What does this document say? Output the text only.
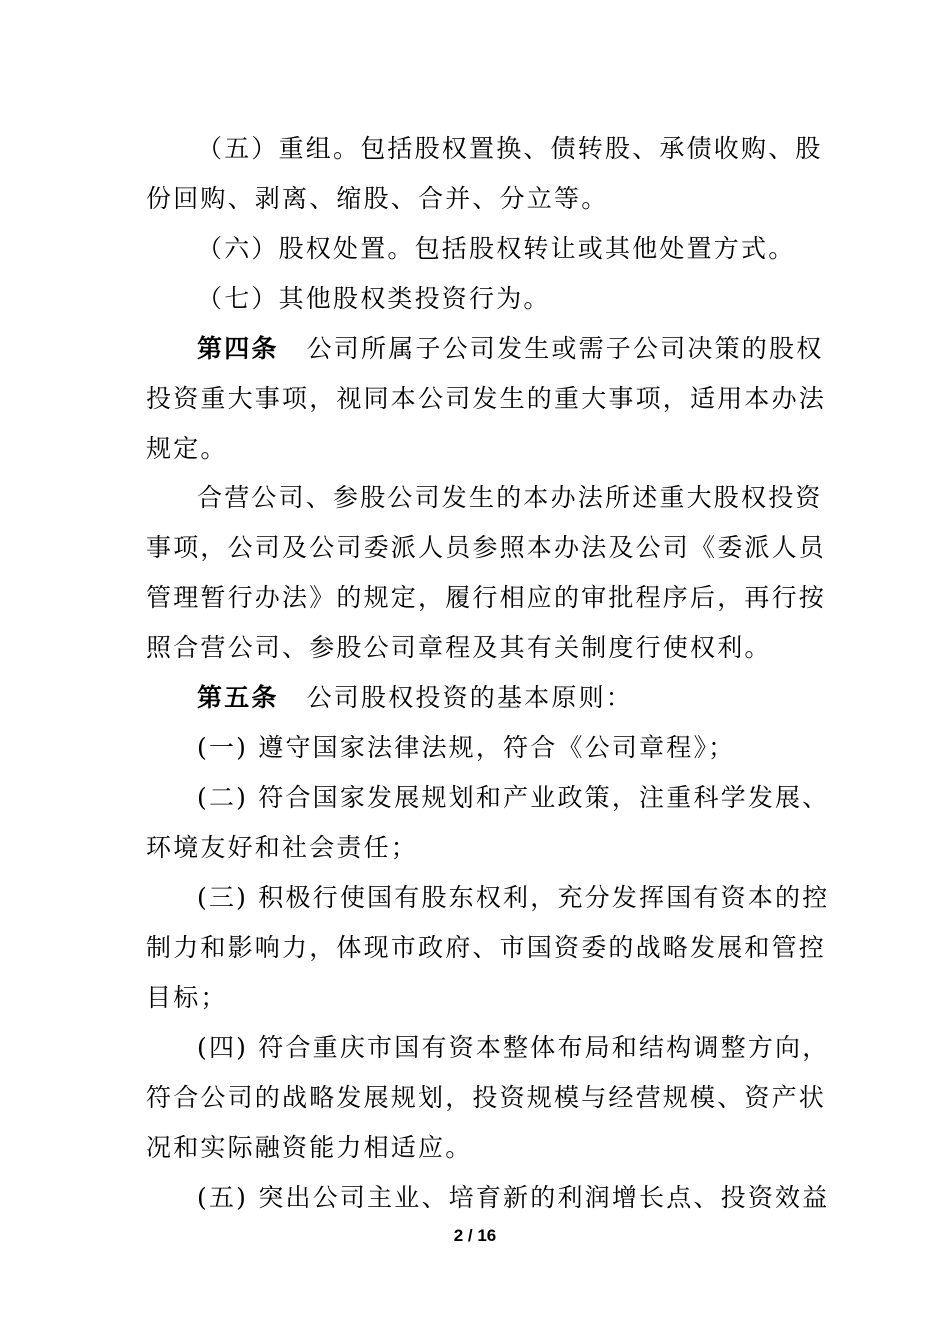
（五）重组。包括股权置换、债转股、承债收购、股
份回购、剥离、缩股、合并、分立等。
（六）股权处置。包括股权转让或其他处置方式。
（七）其他股权类投资行为。
第四条 公司所属子公司发生或需子公司决策的股权
投资重大事项，视同本公司发生的重大事项，适用本办法
规定。
合营公司、参股公司发生的本办法所述重大股权投资
事项，公司及公司委派人员参照本办法及公司《委派人员
管理暂行办法》的规定，履行相应的审批程序后，再行按
照合营公司、参股公司章程及其有关制度行使权利。
第五条 公司股权投资的基本原则：
(一) 遵守国家法律法规，符合《公司章程》；
(二) 符合国家发展规划和产业政策，注重科学发展、
环境友好和社会责任；
(三) 积极行使国有股东权利，充分发挥国有资本的控
制力和影响力，体现市政府、市国资委的战略发展和管控
目标；
(四) 符合重庆市国有资本整体布局和结构调整方向，
符合公司的战略发展规划，投资规模与经营规模、资产状
况和实际融资能力相适应。
(五) 突出公司主业、培育新的利润增长点、投资效益
2 / 16
